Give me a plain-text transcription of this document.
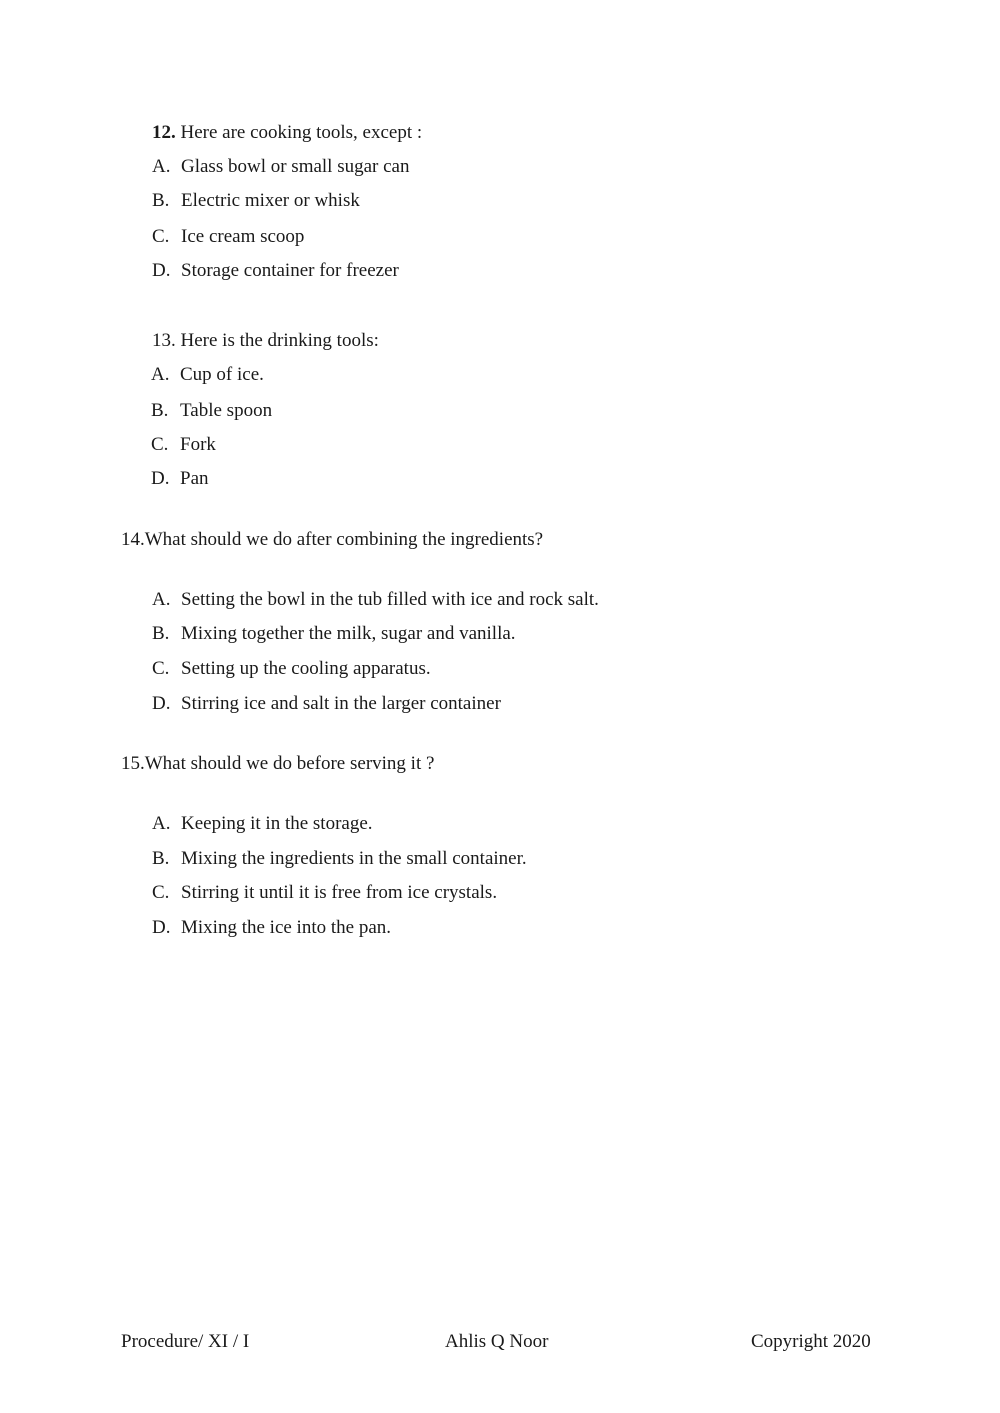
12. Here are cooking tools, except :
A. Glass bowl or small sugar can
B. Electric mixer or whisk
C. Ice cream scoop
D. Storage container for freezer
13. Here is the drinking tools:
A. Cup of ice.
B. Table spoon
C. Fork
D. Pan
14.What should we do after combining the ingredients?
A. Setting the bowl in the tub filled with ice and rock salt.
B. Mixing together the milk, sugar and vanilla.
C. Setting up the cooling apparatus.
D. Stirring ice and salt in the larger container
15.What should we do before serving it ?
A. Keeping it in the storage.
B. Mixing the ingredients in the small container.
C. Stirring it until it is free from ice crystals.
D. Mixing the ice into the pan.
Procedure/ XI / I	Ahlis Q Noor	Copyright 2020
